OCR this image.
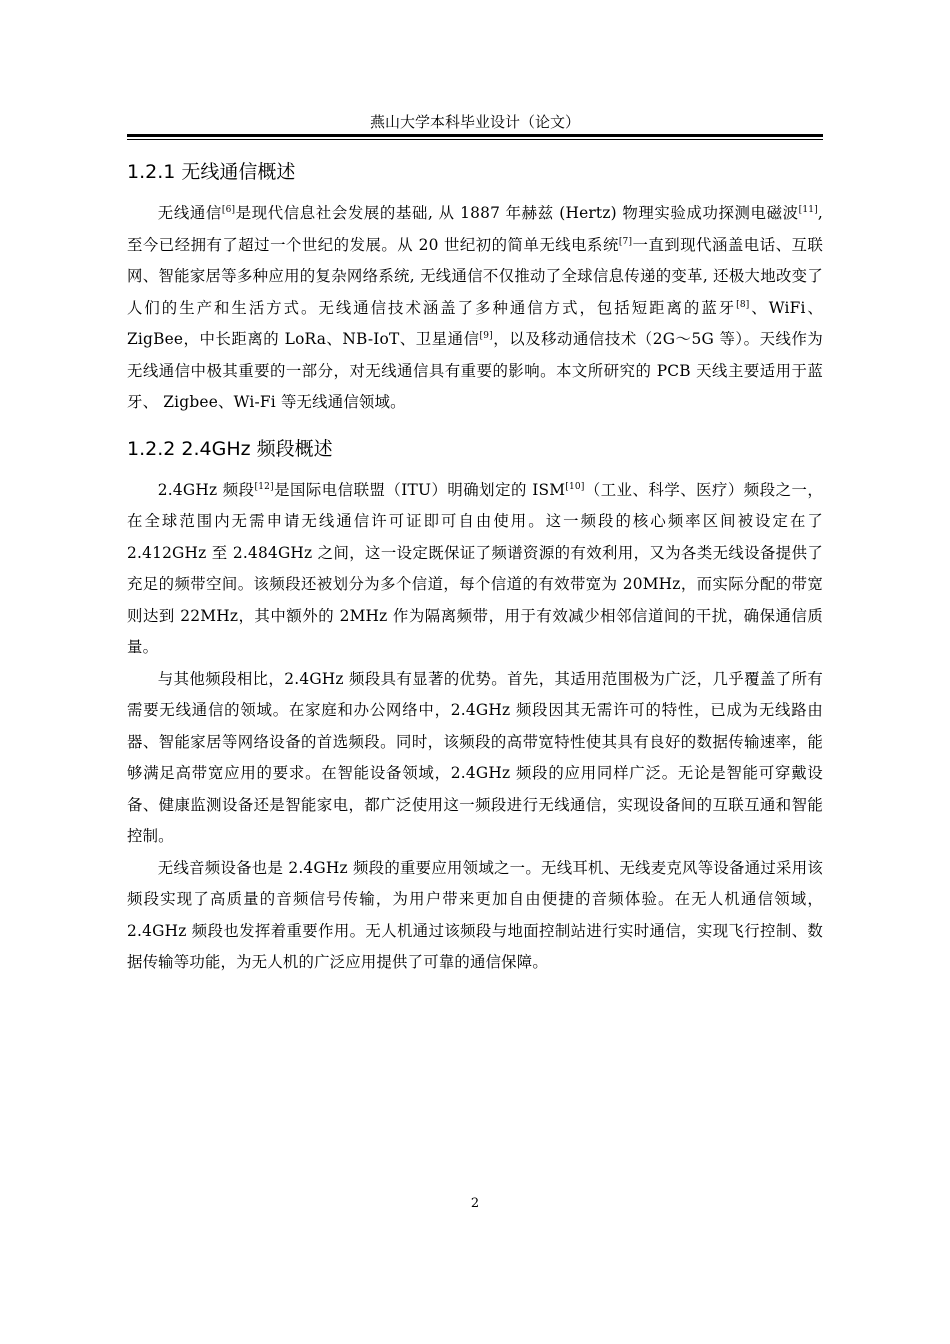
燕山大学本科毕业设计（论文）
1.2.1 无线通信概述

无线通信[6]是现代信息社会发展的基础, 从 1887 年赫兹 (Hertz) 物理实验成功探测电磁波[11], 至今已经拥有了超过一个世纪的发展。从 20 世纪初的简单无线电系统[7]一直到现代涵盖电话、互联网、智能家居等多种应用的复杂网络系统, 无线通信不仅推动了全球信息传递的变革, 还极大地改变了人们的生产和生活方式。无线通信技术涵盖了多种通信方式，包括短距离的蓝牙[8]、WiFi、ZigBee，中长距离的 LoRa、NB-IoT、卫星通信[9]，以及移动通信技术（2G～5G 等）。天线作为无线通信中极其重要的一部分，对无线通信具有重要的影响。本文所研究的 PCB 天线主要适用于蓝牙、 Zigbee、Wi-Fi 等无线通信领域。

1.2.2 2.4GHz 频段概述

2.4GHz 频段[12]是国际电信联盟（ITU）明确划定的 ISM[10]（工业、科学、医疗）频段之一，在全球范围内无需申请无线通信许可证即可自由使用。这一频段的核心频率区间被设定在了 2.412GHz 至 2.484GHz 之间，这一设定既保证了频谱资源的有效利用，又为各类无线设备提供了充足的频带空间。该频段还被划分为多个信道，每个信道的有效带宽为 20MHz，而实际分配的带宽则达到 22MHz，其中额外的 2MHz 作为隔离频带，用于有效减少相邻信道间的干扰，确保通信质量。

与其他频段相比，2.4GHz 频段具有显著的优势。首先，其适用范围极为广泛，几乎覆盖了所有需要无线通信的领域。在家庭和办公网络中，2.4GHz 频段因其无需许可的特性，已成为无线路由器、智能家居等网络设备的首选频段。同时，该频段的高带宽特性使其具有良好的数据传输速率，能够满足高带宽应用的要求。在智能设备领域，2.4GHz 频段的应用同样广泛。无论是智能可穿戴设备、健康监测设备还是智能家电，都广泛使用这一频段进行无线通信，实现设备间的互联互通和智能控制。

无线音频设备也是 2.4GHz 频段的重要应用领域之一。无线耳机、无线麦克风等设备通过采用该频段实现了高质量的音频信号传输，为用户带来更加自由便捷的音频体验。在无人机通信领域，2.4GHz 频段也发挥着重要作用。无人机通过该频段与地面控制站进行实时通信，实现飞行控制、数据传输等功能，为无人机的广泛应用提供了可靠的通信保障。

2
